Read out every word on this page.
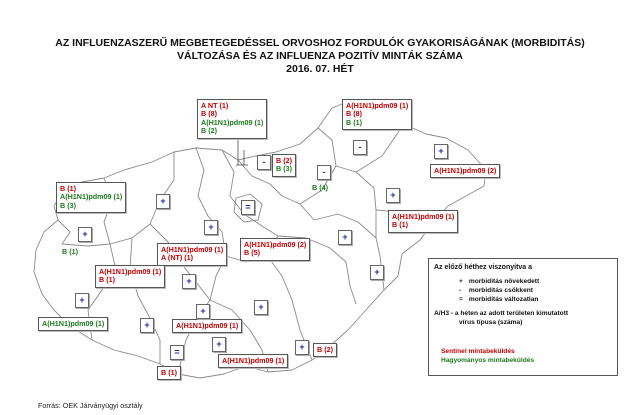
AZ INFLUENZASZERŰ MEGBETEGEDÉSSEL ORVOSHOZ FORDULÓK GYAKORISÁGÁNAK (MORBIDITÁS)
VÁLTOZÁSA ÉS AZ INFLUENZA POZITÍV MINTÁK SZÁMA
2016. 07. HÉT
A NT (1)
B (8)
A(H1N1)pdm09 (1)
B (2)
A(H1N1)pdm09 (1)
B (8)
B (1)
B (1)
A(H1N1)pdm09 (1)
B (3)
B (2)
B (3)
B (4)
A(H1N1)pdm09 (2)
A(H1N1)pdm09 (1)
B (1)
B (1)	A(H1N1)pdm09 (1)
A (NT) (1)
A(H1N1)pdm09 (2)
B (5)
A(H1N1)pdm09 (1)
B (1)
A(H1N1)pdm09 (1)	A(H1N1)pdm09 (1)
B (2)
A(H1N1)pdm09 (1)
B (1)
-
-
-	+
+
+
+
=
+	+
+
+
+
+	+
+
=
+	+
Az előző héthez viszonyítva a
+ morbiditás növekedett
- morbiditás csökkent
= morbiditás változatlan
A/H3 - a héten az adott területen kimutatott
vírus típusa (száma)
Sentinel mintabeküldés
Hagyományos mintabeküldés
Forrás: OEK Járványügyi osztály
